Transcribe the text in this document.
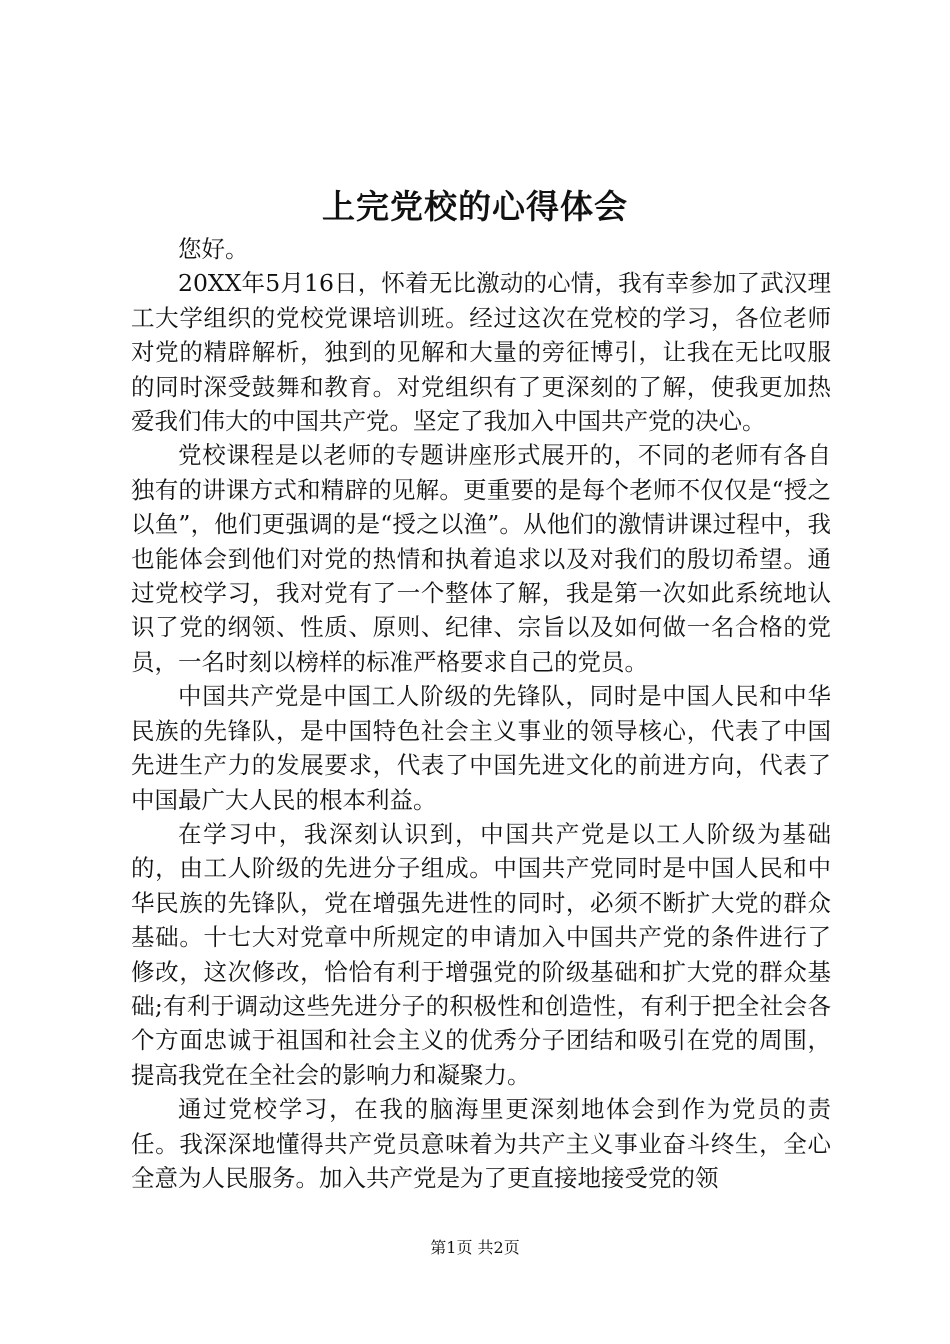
上完党校的心得体会

您好。

20XX年5月16日，怀着无比激动的心情，我有幸参加了武汉理工大学组织的党校党课培训班。经过这次在党校的学习，各位老师对党的精辟解析，独到的见解和大量的旁征博引，让我在无比叹服的同时深受鼓舞和教育。对党组织有了更深刻的了解，使我更加热爱我们伟大的中国共产党。坚定了我加入中国共产党的决心。

党校课程是以老师的专题讲座形式展开的，不同的老师有各自独有的讲课方式和精辟的见解。更重要的是每个老师不仅仅是“授之以鱼”，他们更强调的是“授之以渔”。从他们的激情讲课过程中，我也能体会到他们对党的热情和执着追求以及对我们的殷切希望。通过党校学习，我对党有了一个整体了解，我是第一次如此系统地认识了党的纲领、性质、原则、纪律、宗旨以及如何做一名合格的党员，一名时刻以榜样的标准严格要求自己的党员。

中国共产党是中国工人阶级的先锋队，同时是中国人民和中华民族的先锋队，是中国特色社会主义事业的领导核心，代表了中国先进生产力的发展要求，代表了中国先进文化的前进方向，代表了中国最广大人民的根本利益。

在学习中，我深刻认识到，中国共产党是以工人阶级为基础的，由工人阶级的先进分子组成。中国共产党同时是中国人民和中华民族的先锋队，党在增强先进性的同时，必须不断扩大党的群众基础。十七大对党章中所规定的申请加入中国共产党的条件进行了修改，这次修改，恰恰有利于增强党的阶级基础和扩大党的群众基础;有利于调动这些先进分子的积极性和创造性，有利于把全社会各个方面忠诚于祖国和社会主义的优秀分子团结和吸引在党的周围，提高我党在全社会的影响力和凝聚力。

通过党校学习，在我的脑海里更深刻地体会到作为党员的责任。我深深地懂得共产党员意味着为共产主义事业奋斗终生，全心全意为人民服务。加入共产党是为了更直接地接受党的领

第1页 共2页
